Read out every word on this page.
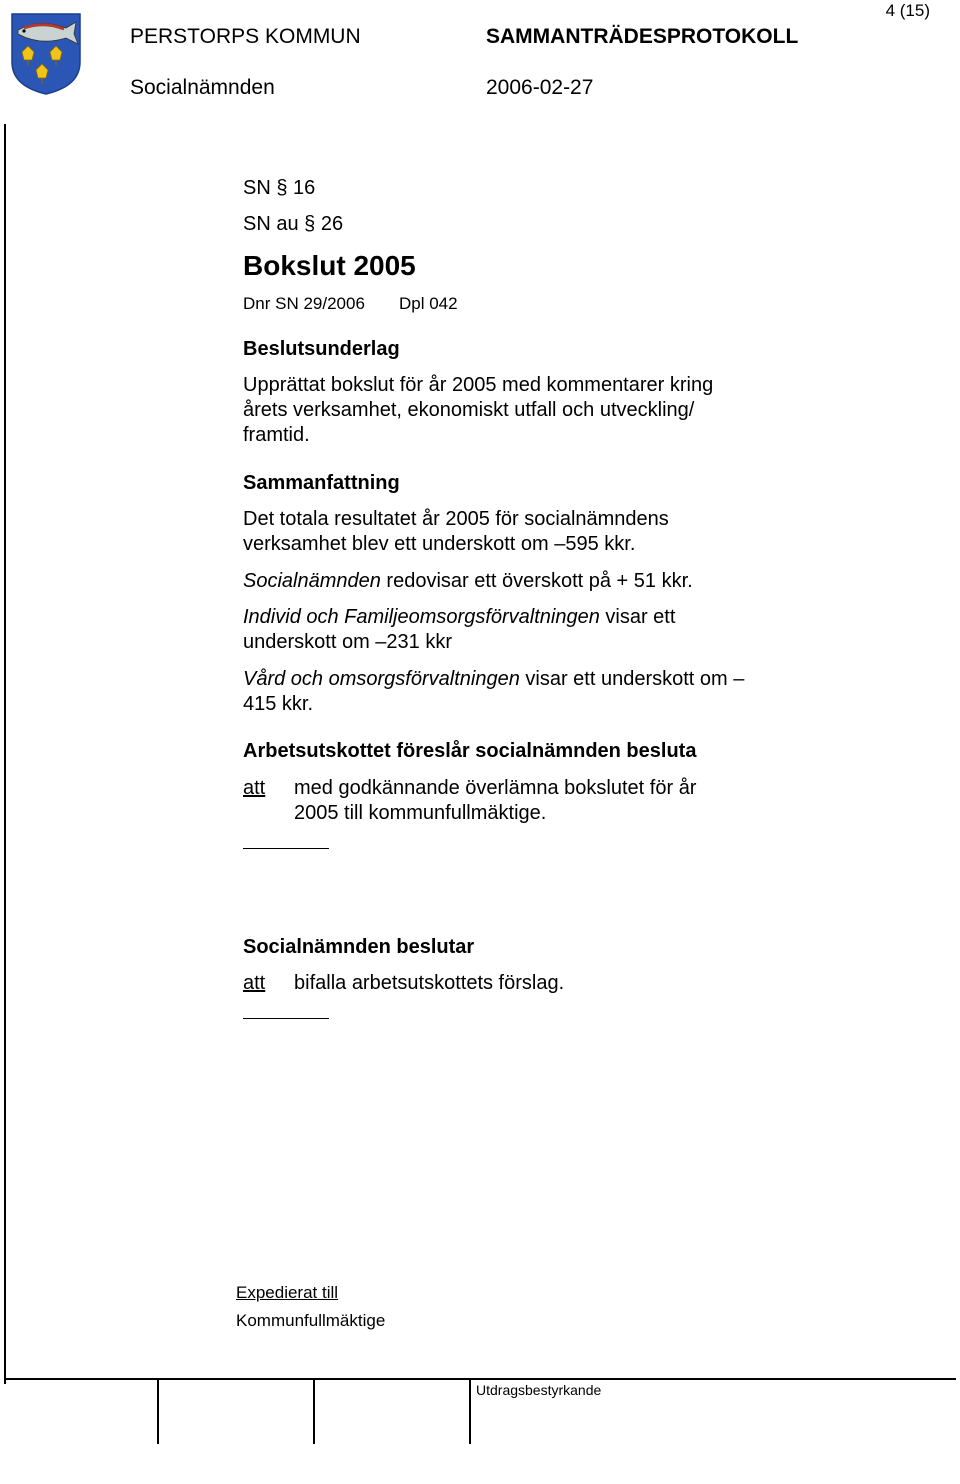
PERSTORPS KOMMUN	SAMMANTRÄDESPROTOKOLL
Socialnämnden	2006-02-27
4 (15)
SN § 16
SN au § 26
Bokslut 2005
Dnr SN 29/2006 Dpl 042
Beslutsunderlag

Upprättat bokslut för år 2005 med kommentarer kring årets verksamhet, ekonomiskt utfall och utveckling/ framtid.

Sammanfattning

Det totala resultatet år 2005 för socialnämndens verksamhet blev ett underskott om –595 kkr.

Socialnämnden redovisar ett överskott på + 51 kkr.

Individ och Familjeomsorgsförvaltningen visar ett underskott om –231 kkr

Vård och omsorgsförvaltningen visar ett underskott om –415 kkr.

Arbetsutskottet föreslår socialnämnden besluta
att med godkännande överlämna bokslutet för år 2005 till kommunfullmäktige.

Socialnämnden beslutar
att bifalla arbetsutskottets förslag.

Expedierat till
Kommunfullmäktige
Utdragsbestyrkande
